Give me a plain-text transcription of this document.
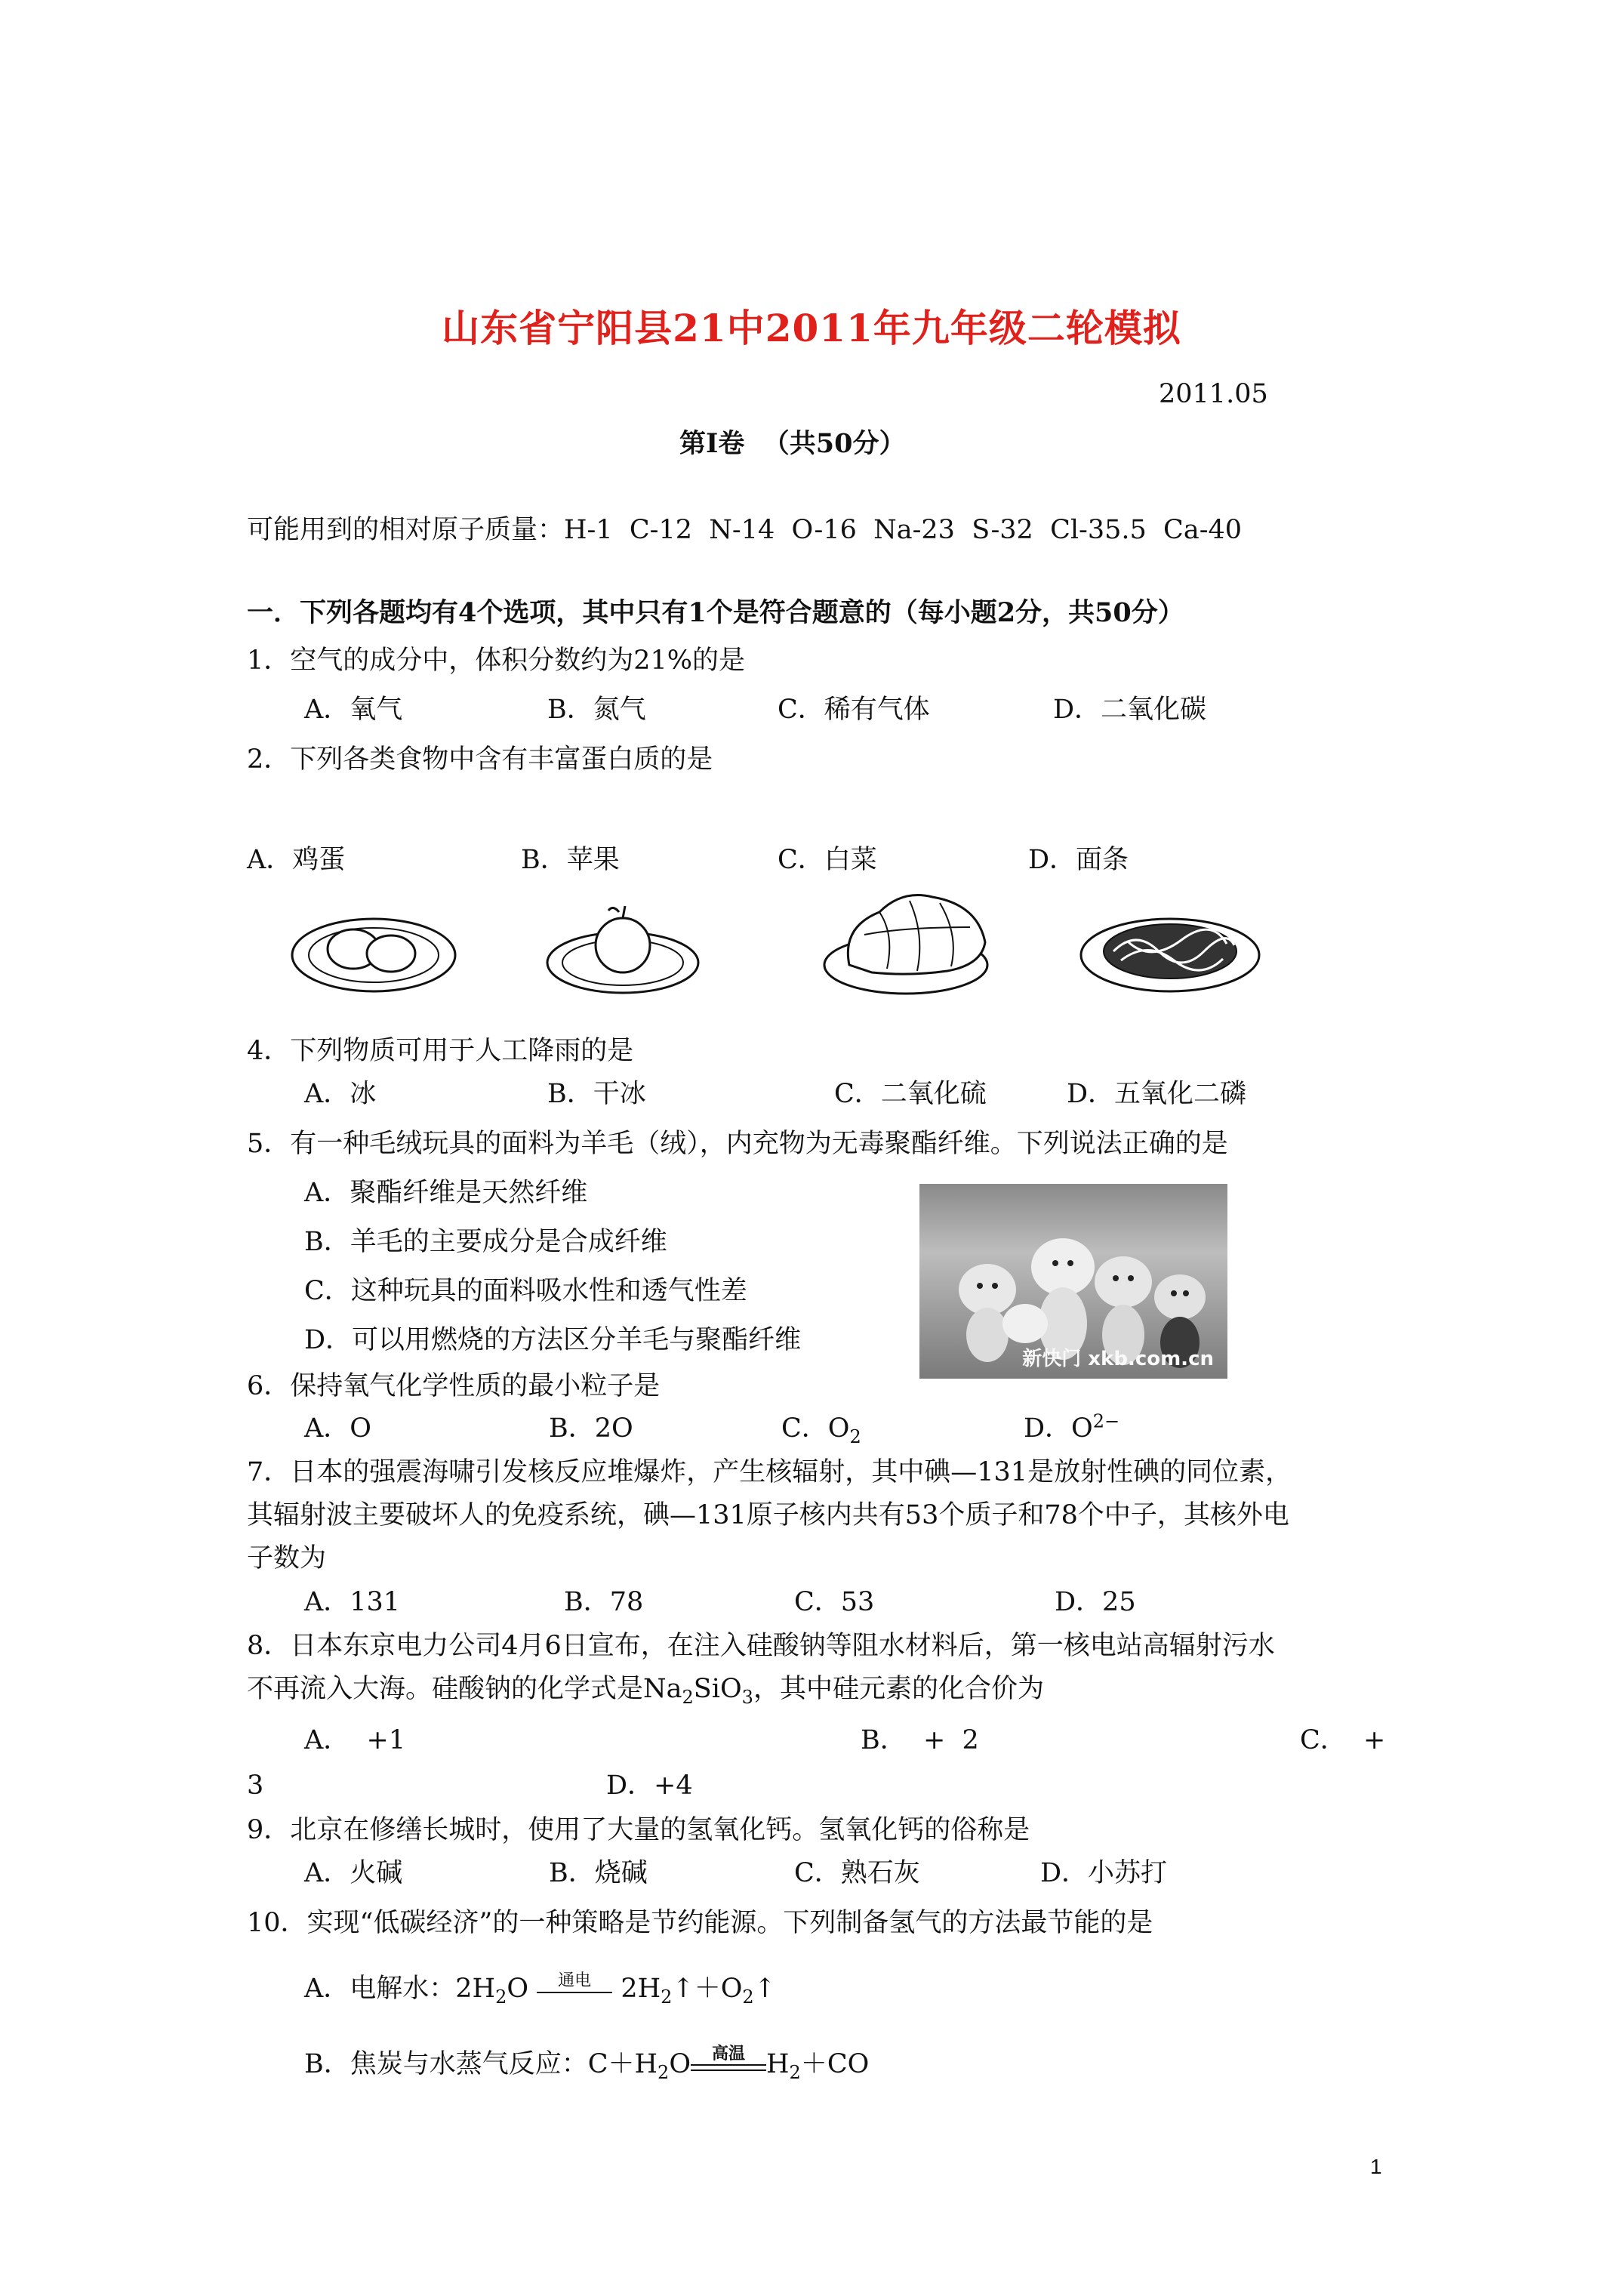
山东省宁阳县21中2011年九年级二轮模拟
2011.05
第Ⅰ卷  （共50分）
可能用到的相对原子质量：H-1  C-12  N-14  O-16  Na-23  S-32  Cl-35.5  Ca-40
一．下列各题均有4个选项，其中只有1个是符合题意的（每小题2分，共50分）
1．空气的成分中，体积分数约为21%的是
A．氧气	B．氮气	C．稀有气体	D．二氧化碳
2．下列各类食物中含有丰富蛋白质的是
A．鸡蛋	B．苹果	C．白菜	D．面条

4．下列物质可用于人工降雨的是
A．冰	B．干冰	C．二氧化硫	D．五氧化二磷
5．有一种毛绒玩具的面料为羊毛（绒），内充物为无毒聚酯纤维。下列说法正确的是
A．聚酯纤维是天然纤维
B．羊毛的主要成分是合成纤维
C．这种玩具的面料吸水性和透气性差
D．可以用燃烧的方法区分羊毛与聚酯纤维
新快门 xkb.com.cn
6．保持氧气化学性质的最小粒子是
A．O	B．2O	C．$O_2$	D．$O^{2-}$
7．日本的强震海啸引发核反应堆爆炸，产生核辐射，其中碘—131是放射性碘的同位素，
其辐射波主要破坏人的免疫系统，碘—131原子核内共有53个质子和78个中子，其核外电
子数为
A．131	B．78	C．53	D．25
8．日本东京电力公司4月6日宣布，在注入硅酸钠等阻水材料后，第一核电站高辐射污水
不再流入大海。硅酸钠的化学式是$Na_2SiO_3$，其中硅元素的化合价为
A．  +1	B．  +  2	C．  +
3	D．+4
9．北京在修缮长城时，使用了大量的氢氧化钙。氢氧化钙的俗称是
A．火碱	B．烧碱	C．熟石灰	D．小苏打
10．实现“低碳经济”的一种策略是节约能源。下列制备氢气的方法最节能的是
A．电解水：$2H_2O$	通电 $2H_2↑+O_2↑$
B．焦炭与水蒸气反应：$C+H_2O$	高温 $H_2+CO$
1
